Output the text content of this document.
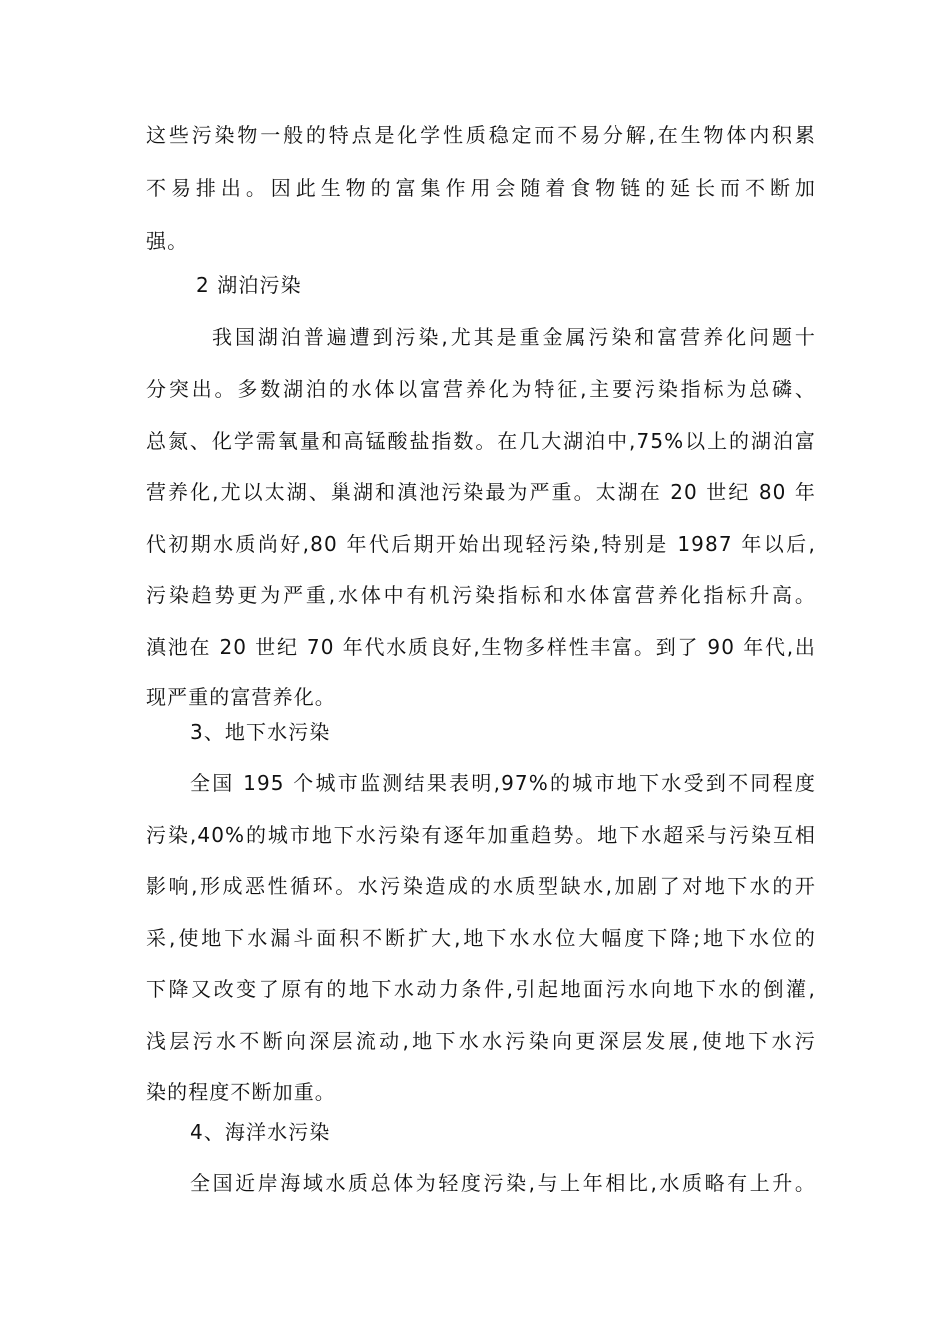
这些污染物一般的特点是化学性质稳定而不易分解,在生物体内积累
不易排出。因此生物的富集作用会随着食物链的延长而不断加
强。
2 湖泊污染
我国湖泊普遍遭到污染,尤其是重金属污染和富营养化问题十
分突出。多数湖泊的水体以富营养化为特征,主要污染指标为总磷、
总氮、化学需氧量和高锰酸盐指数。在几大湖泊中,75%以上的湖泊富
营养化,尤以太湖、巢湖和滇池污染最为严重。太湖在 20 世纪 80 年
代初期水质尚好,80 年代后期开始出现轻污染,特别是 1987 年以后,
污染趋势更为严重,水体中有机污染指标和水体富营养化指标升高。
滇池在 20 世纪 70 年代水质良好,生物多样性丰富。到了 90 年代,出
现严重的富营养化。
3、地下水污染
全国 195 个城市监测结果表明,97%的城市地下水受到不同程度
污染,40%的城市地下水污染有逐年加重趋势。地下水超采与污染互相
影响,形成恶性循环。水污染造成的水质型缺水,加剧了对地下水的开
采,使地下水漏斗面积不断扩大,地下水水位大幅度下降;地下水位的
下降又改变了原有的地下水动力条件,引起地面污水向地下水的倒灌,
浅层污水不断向深层流动,地下水水污染向更深层发展,使地下水污
染的程度不断加重。
4、海洋水污染
全国近岸海域水质总体为轻度污染,与上年相比,水质略有上升。
